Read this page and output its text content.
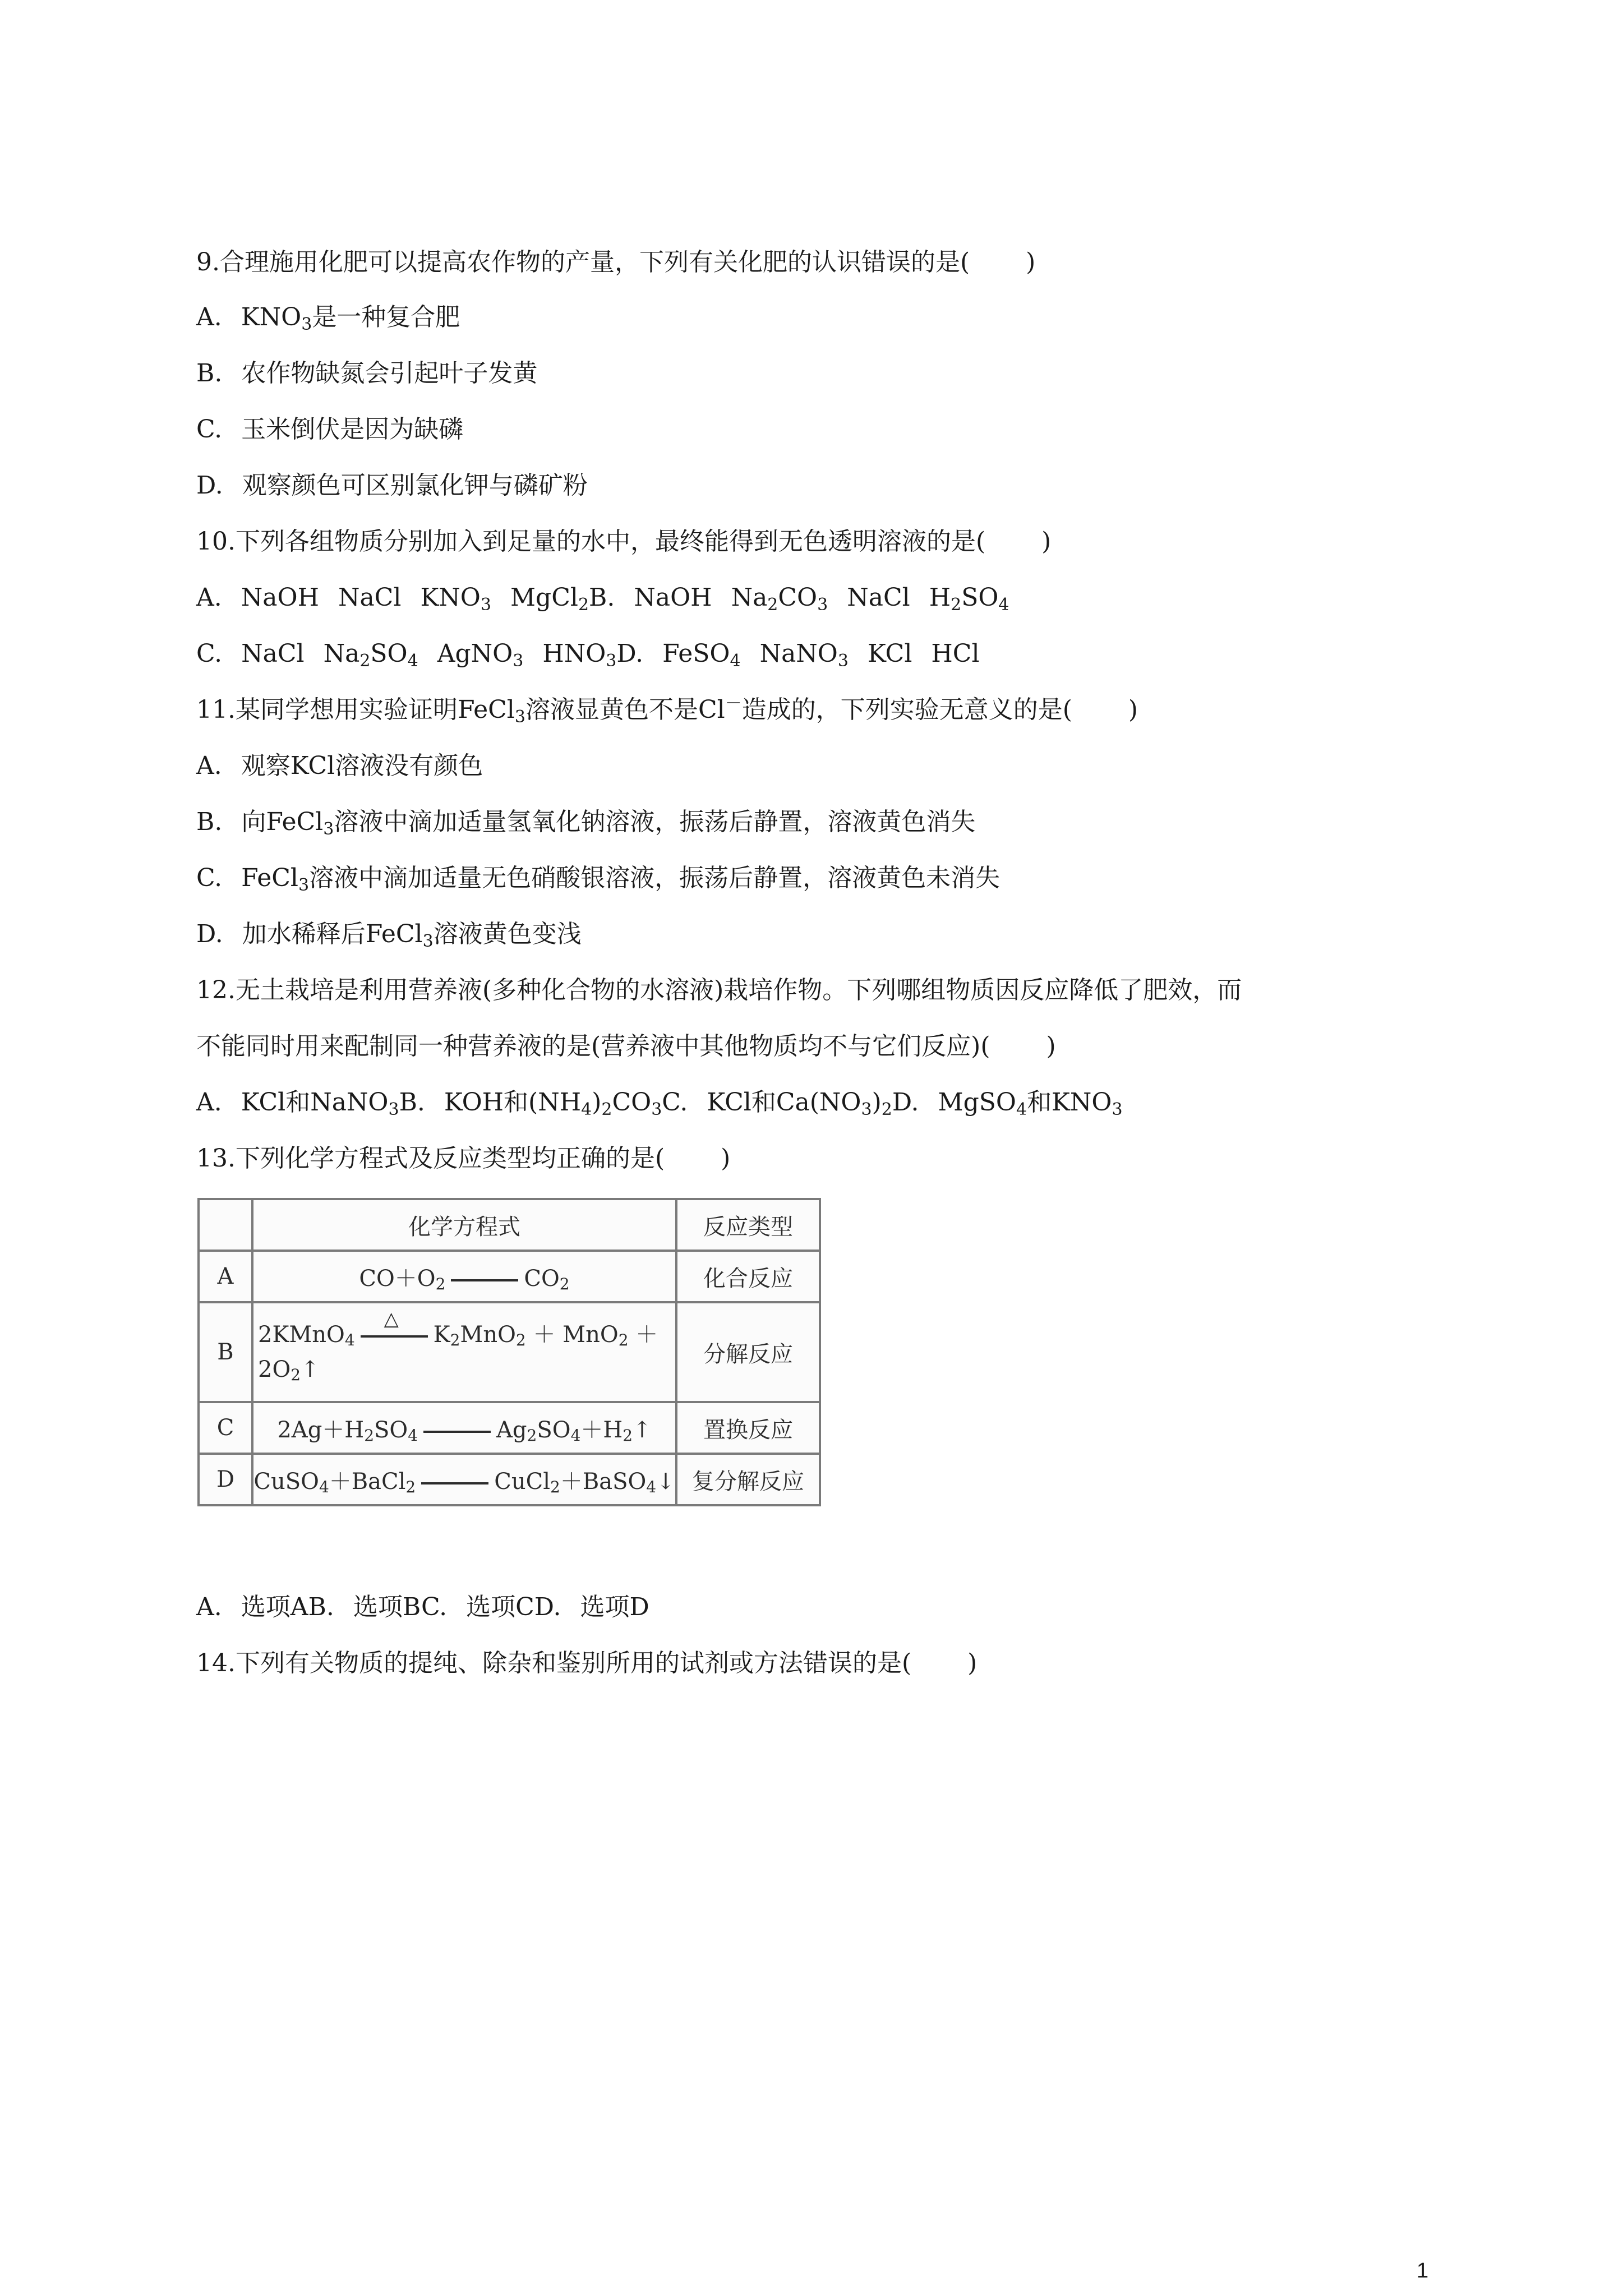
9.合理施用化肥可以提高农作物的产量，下列有关化肥的认识错误的是( )
A. $KNO_3$是一种复合肥
B. 农作物缺氮会引起叶子发黄
C. 玉米倒伏是因为缺磷
D. 观察颜色可区别氯化钾与磷矿粉
10.下列各组物质分别加入到足量的水中，最终能得到无色透明溶液的是( )
A. NaOH NaCl $KNO_3$ MgCl$_2$B. NaOH $Na_2CO_3$ NaCl $H_2SO_4$
C. NaCl $Na_2SO_4$ AgNO$_3$ $HNO_3D$. FeSO$_4$ NaNO$_3$ KCl HCl
11.某同学想用实验证明FeCl$_3$溶液显黄色不是Cl－造成的，下列实验无意义的是( )
A. 观察KCl溶液没有颜色
B. 向FeCl$_3$溶液中滴加适量氢氧化钠溶液，振荡后静置，溶液黄色消失
C. FeCl$_3$溶液中滴加适量无色硝酸银溶液，振荡后静置，溶液黄色未消失
D. 加水稀释后FeCl$_3$溶液黄色变浅
12.无土栽培是利用营养液(多种化合物的水溶液)栽培作物。下列哪组物质因反应降低了肥效，而
不能同时用来配制同一种营养液的是(营养液中其他物质均不与它们反应)( )
A. KCl和NaNO$_3$B. KOH和$(NH_4)_2CO_3C$. KCl和$Ca(NO_3)_2D$. MgSO$_4$和$KNO_3$
13.下列化学方程式及反应类型均正确的是( )
	化学方程式	反应类型
A	$CO+O_2$ $CO_2$	化合反应
B	2KMnO$_4$
△
$K_2MnO_2 + MnO_2$ ＋
$2O_2↑$	分解反应
C	$2Ag+H_2SO_4$ $Ag_2SO_4+H_2↑$	置换反应
D	CuSO$_4$＋BaCl$_2$ CuCl$_2$＋BaSO$_4$↓	复分解反应
A. 选项AB. 选项BC. 选项CD. 选项D
14.下列有关物质的提纯、除杂和鉴别所用的试剂或方法错误的是( )
1
